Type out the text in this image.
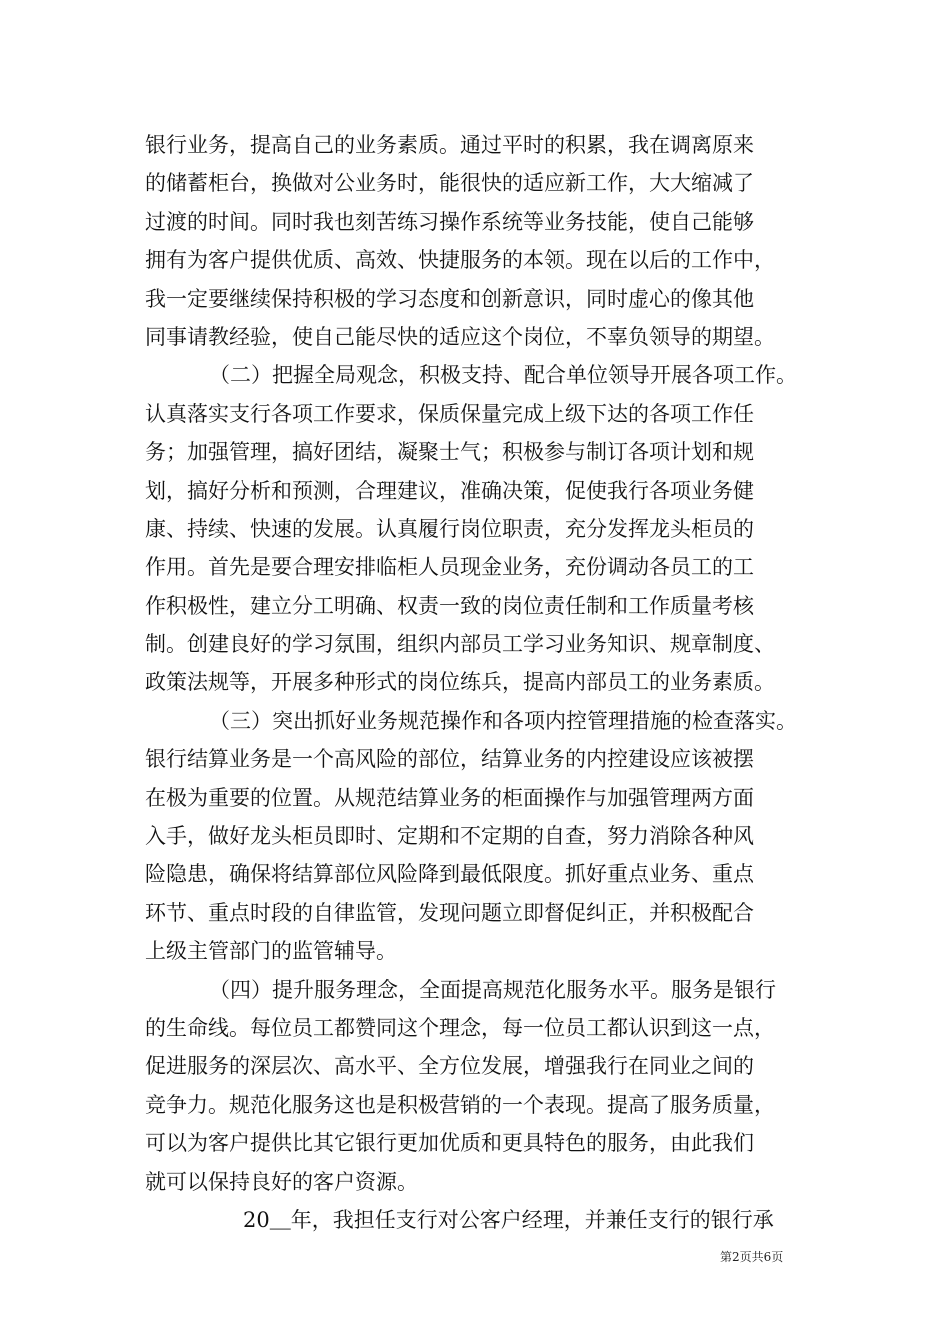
银行业务，提高自己的业务素质。通过平时的积累，我在调离原来
的储蓄柜台，换做对公业务时，能很快的适应新工作，大大缩减了
过渡的时间。同时我也刻苦练习操作系统等业务技能，使自己能够
拥有为客户提供优质、高效、快捷服务的本领。现在以后的工作中，
我一定要继续保持积极的学习态度和创新意识，同时虚心的像其他
同事请教经验，使自己能尽快的适应这个岗位，不辜负领导的期望。
（二）把握全局观念，积极支持、配合单位领导开展各项工作。
认真落实支行各项工作要求，保质保量完成上级下达的各项工作任
务；加强管理，搞好团结，凝聚士气；积极参与制订各项计划和规
划，搞好分析和预测，合理建议，准确决策，促使我行各项业务健
康、持续、快速的发展。认真履行岗位职责，充分发挥龙头柜员的
作用。首先是要合理安排临柜人员现金业务，充份调动各员工的工
作积极性，建立分工明确、权责一致的岗位责任制和工作质量考核
制。创建良好的学习氛围，组织内部员工学习业务知识、规章制度、
政策法规等，开展多种形式的岗位练兵，提高内部员工的业务素质。
（三）突出抓好业务规范操作和各项内控管理措施的检查落实。
银行结算业务是一个高风险的部位，结算业务的内控建设应该被摆
在极为重要的位置。从规范结算业务的柜面操作与加强管理两方面
入手，做好龙头柜员即时、定期和不定期的自查，努力消除各种风
险隐患，确保将结算部位风险降到最低限度。抓好重点业务、重点
环节、重点时段的自律监管，发现问题立即督促纠正，并积极配合
上级主管部门的监管辅导。
（四）提升服务理念，全面提高规范化服务水平。服务是银行
的生命线。每位员工都赞同这个理念，每一位员工都认识到这一点，
促进服务的深层次、高水平、全方位发展，增强我行在同业之间的
竞争力。规范化服务这也是积极营销的一个表现。提高了服务质量，
可以为客户提供比其它银行更加优质和更具特色的服务，由此我们
就可以保持良好的客户资源。
20＿年，我担任支行对公客户经理，并兼任支行的银行承
第2页共6页
